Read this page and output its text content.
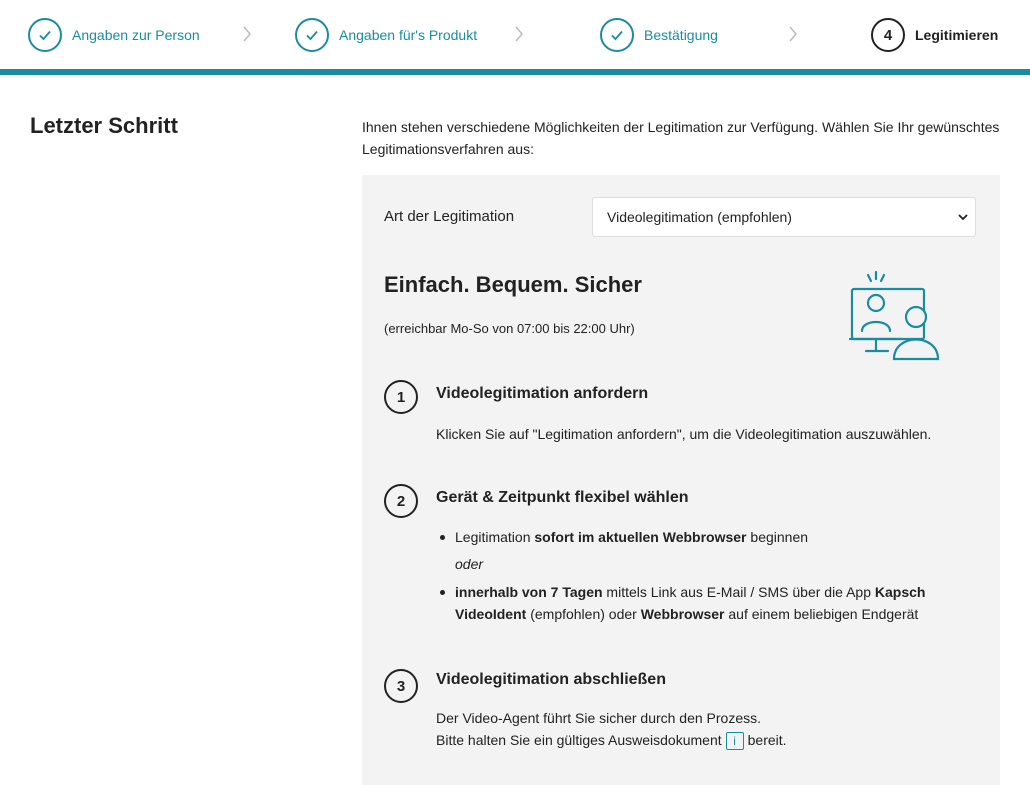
Angaben zur Person	Angaben für's Produkt	Bestätigung	4	Legitimieren
Letzter Schritt	Ihnen stehen verschiedene Möglichkeiten der Legitimation zur Verfügung. Wählen Sie Ihr gewünschtes Legitimationsverfahren aus:
Art der Legitimation	Videolegitimation (empfohlen)
Einfach. Bequem. Sicher
(erreichbar Mo-So von 07:00 bis 22:00 Uhr)
1	Videolegitimation anfordern
Klicken Sie auf "Legitimation anfordern", um die Videolegitimation auszuwählen.
2	Gerät & Zeitpunkt flexibel wählen
Legitimation sofort im aktuellen Webbrowser beginnen
oder
innerhalb von 7 Tagen mittels Link aus E-Mail / SMS über die App Kapsch VideoIdent (empfohlen) oder Webbrowser auf einem beliebigen Endgerät
3	Videolegitimation abschließen
Der Video-Agent führt Sie sicher durch den Prozess.
Bitte halten Sie ein gültiges Ausweisdokument i bereit.
